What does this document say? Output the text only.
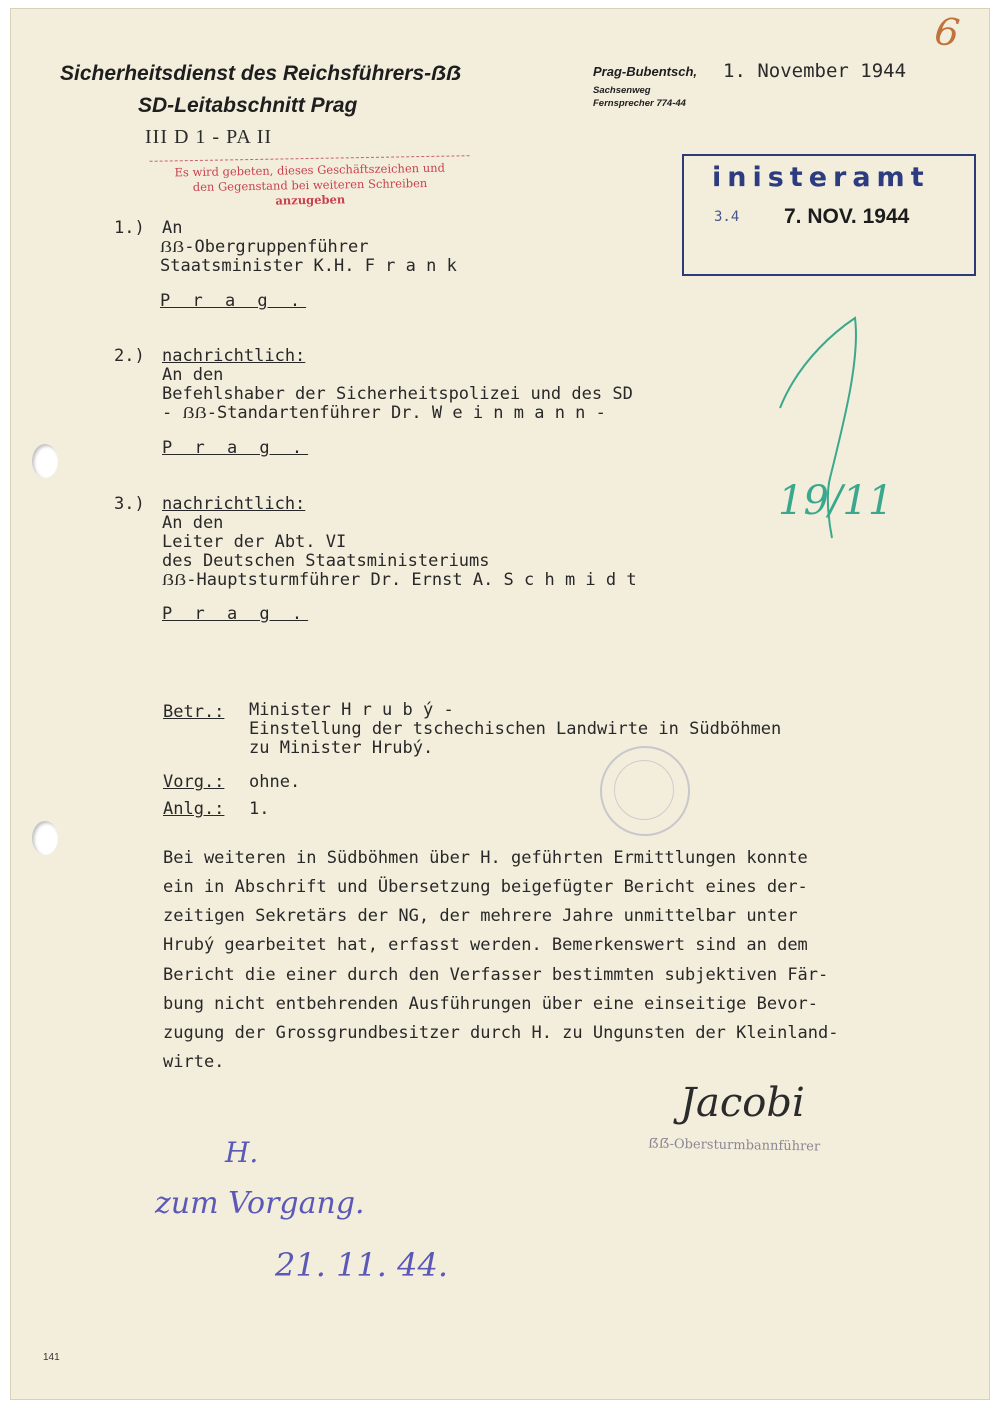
6
Sicherheitsdienst des Reichsführers-ẞẞ
SD-Leitabschnitt Prag
III D 1 - PA II
Prag-Bubentsch,
Sachsenweg
Fernsprecher 774-44
1. November 1944
Es wird gebeten, dieses Geschäftszeichen und
den Gegenstand bei weiteren Schreiben
anzugeben
inisteramt
3.4 7. NOV. 1944
1.) An
ẞẞ-Obergruppenführer
Staatsminister K.H. F r a n k
P r a g .
2.) nachrichtlich:
An den
Befehlshaber der Sicherheitspolizei und des SD
- ẞẞ-Standartenführer Dr. W e i n m a n n -
P r a g .
3.) nachrichtlich:
An den
Leiter der Abt. VI
des Deutschen Staatsministeriums
ẞẞ-Hauptsturmführer Dr. Ernst A. S c h m i d t
P r a g .
Betr.: Minister H r u b ý -
Einstellung der tschechischen Landwirte in Südböhmen
zu Minister Hrubý.
Vorg.: ohne.
Anlg.: 1.
Bei weiteren in Südböhmen über H. geführten Ermittlungen konnte
ein in Abschrift und Übersetzung beigefügter Bericht eines der-
zeitigen Sekretärs der NG, der mehrere Jahre unmittelbar unter
Hrubý gearbeitet hat, erfasst werden. Bemerkenswert sind an dem
Bericht die einer durch den Verfasser bestimmten subjektiven Fär-
bung nicht entbehrenden Ausführungen über eine einseitige Bevor-
zugung der Grossgrundbesitzer durch H. zu Ungunsten der Kleinland-
wirte.
Jacobi
ẞẞ-Obersturmbannführer
19/11
H.
zum Vorgang.
21. 11. 44.
141
